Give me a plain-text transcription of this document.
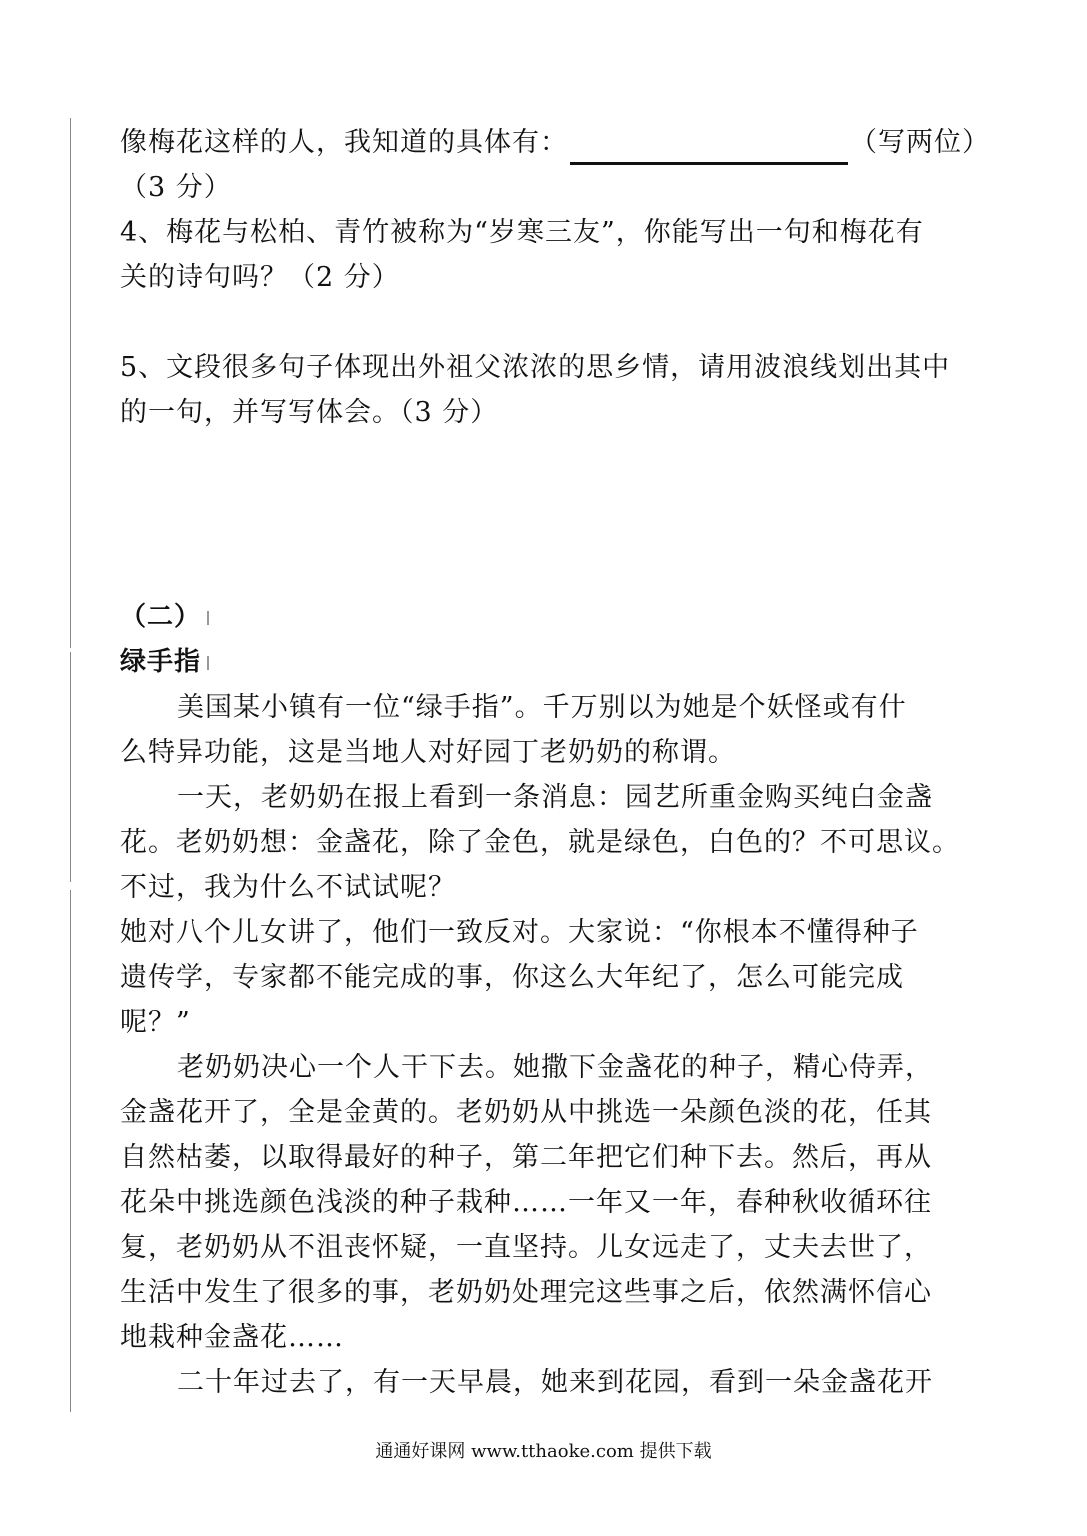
像梅花这样的人，我知道的具体有：	（写两位）

（3 分）

4、梅花与松柏、青竹被称为“岁寒三友”，你能写出一句和梅花有

关的诗句吗？（2 分）

5、文段很多句子体现出外祖父浓浓的思乡情，请用波浪线划出其中

的一句，并写写体会。（3 分）

（二）

绿手指

美国某小镇有一位“绿手指”。千万别以为她是个妖怪或有什

么特异功能，这是当地人对好园丁老奶奶的称谓。

一天，老奶奶在报上看到一条消息：园艺所重金购买纯白金盏

花。老奶奶想：金盏花，除了金色，就是绿色，白色的？不可思议。

不过，我为什么不试试呢？

她对八个儿女讲了，他们一致反对。大家说：“你根本不懂得种子

遗传学，专家都不能完成的事，你这么大年纪了，怎么可能完成

呢？”

老奶奶决心一个人干下去。她撒下金盏花的种子，精心侍弄，

金盏花开了，全是金黄的。老奶奶从中挑选一朵颜色淡的花，任其

自然枯萎，以取得最好的种子，第二年把它们种下去。然后，再从

花朵中挑选颜色浅淡的种子栽种……一年又一年，春种秋收循环往

复，老奶奶从不沮丧怀疑，一直坚持。儿女远走了，丈夫去世了，

生活中发生了很多的事，老奶奶处理完这些事之后，依然满怀信心

地栽种金盏花……

二十年过去了，有一天早晨，她来到花园，看到一朵金盏花开

通通好课网 www.tthaoke.com 提供下载
